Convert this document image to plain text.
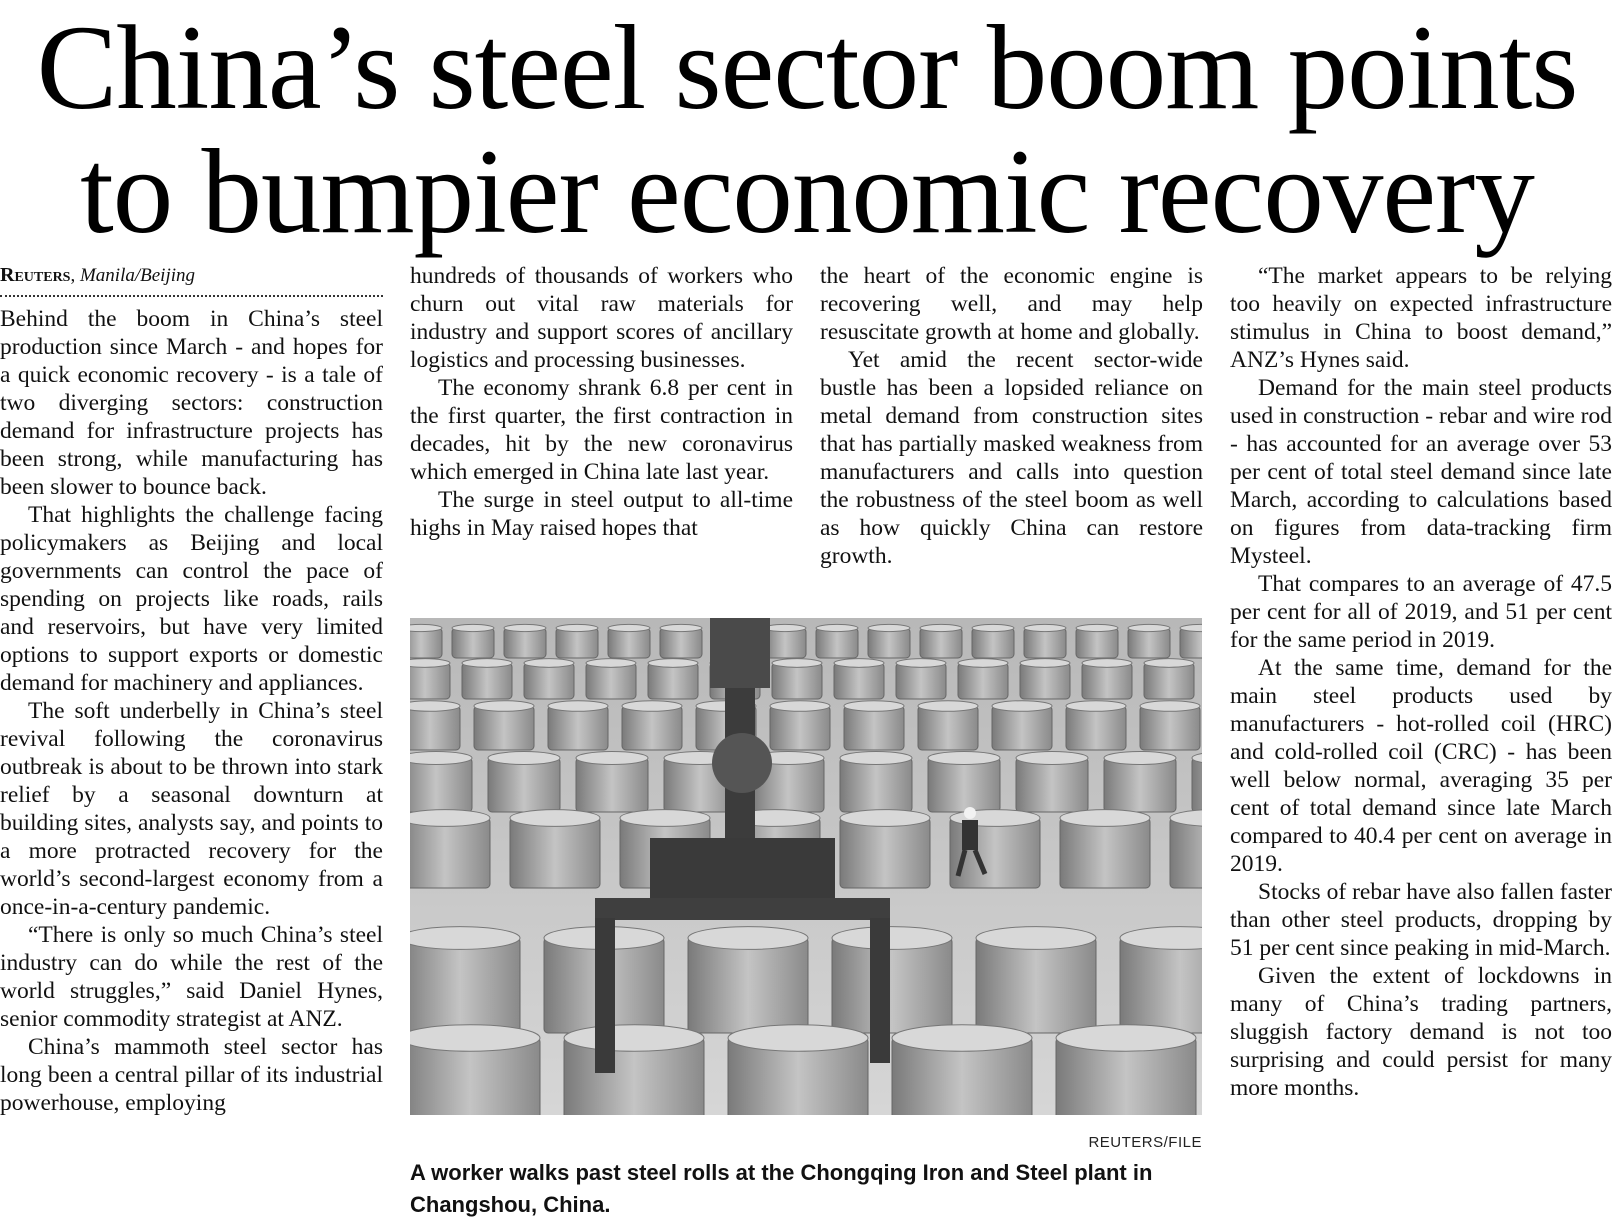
China’s steel sector boom points
to bumpier economic recovery
Reuters, Manila/Beijing

Behind the boom in China’s steel production since March - and hopes for a quick economic recovery - is a tale of two diverging sectors: construction demand for infrastructure projects has been strong, while manufacturing has been slower to bounce back.

That highlights the challenge facing policymakers as Beijing and local governments can control the pace of spending on projects like roads, rails and reservoirs, but have very limited options to support exports or domestic demand for machinery and appliances.

The soft underbelly in China’s steel revival following the coronavirus outbreak is about to be thrown into stark relief by a seasonal downturn at building sites, analysts say, and points to a more protracted recovery for the world’s second-largest economy from a once-in-a-century pandemic.

“There is only so much China’s steel industry can do while the rest of the world struggles,” said Daniel Hynes, senior commodity strategist at ANZ.

China’s mammoth steel sector has long been a central pillar of its industrial powerhouse, employing

hundreds of thousands of workers who churn out vital raw materials for industry and support scores of ancillary logistics and processing businesses.

The economy shrank 6.8 per cent in the first quarter, the first contraction in decades, hit by the new coronavirus which emerged in China late last year.

The surge in steel output to all-time highs in May raised hopes that

the heart of the economic engine is recovering well, and may help resuscitate growth at home and globally.

Yet amid the recent sector-wide bustle has been a lopsided reliance on metal demand from construction sites that has partially masked weakness from manufacturers and calls into question the robustness of the steel boom as well as how quickly China can restore growth.

“The market appears to be relying too heavily on expected infrastructure stimulus in China to boost demand,” ANZ’s Hynes said.

Demand for the main steel products used in construction - rebar and wire rod - has accounted for an average over 53 per cent of total steel demand since late March, according to calculations based on figures from data-tracking firm Mysteel.

That compares to an average of 47.5 per cent for all of 2019, and 51 per cent for the same period in 2019.

At the same time, demand for the main steel products used by manufacturers - hot-rolled coil (HRC) and cold-rolled coil (CRC) - has been well below normal, averaging 35 per cent of total demand since late March compared to 40.4 per cent on average in 2019.

Stocks of rebar have also fallen faster than other steel products, dropping by 51 per cent since peaking in mid-March.

Given the extent of lockdowns in many of China’s trading partners, sluggish factory demand is not too surprising and could persist for many more months.

REUTERS/FILE
A worker walks past steel rolls at the Chongqing Iron and Steel plant in Changshou, China.
